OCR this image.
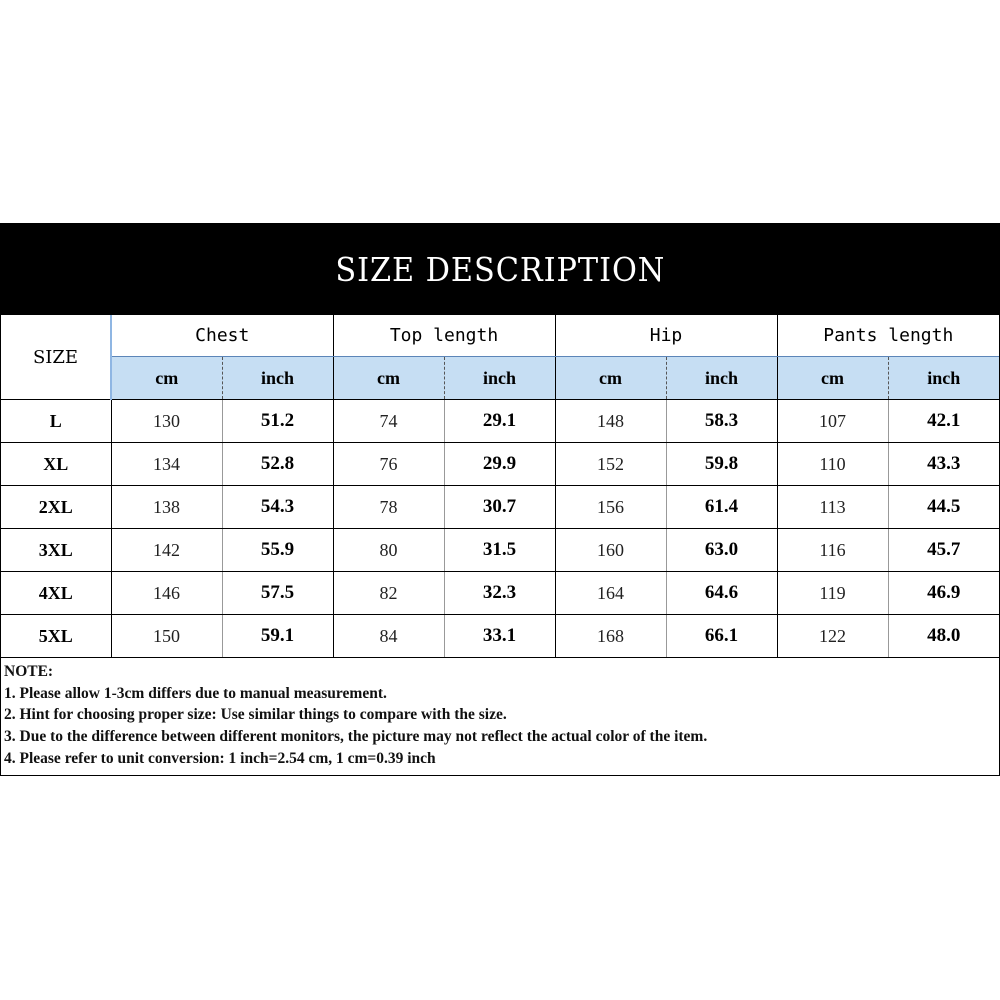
SIZE DESCRIPTION
SIZE	Chest		Top length		Hip		Pants length	
	cm	inch	cm	inch	cm	inch	cm	inch
L	130	51.2	74	29.1	148	58.3	107	42.1
XL	134	52.8	76	29.9	152	59.8	110	43.3
2XL	138	54.3	78	30.7	156	61.4	113	44.5
3XL	142	55.9	80	31.5	160	63.0	116	45.7
4XL	146	57.5	82	32.3	164	64.6	119	46.9
5XL	150	59.1	84	33.1	168	66.1	122	48.0
NOTE:
1. Please allow 1-3cm differs due to manual measurement.
2. Hint for choosing proper size: Use similar things to compare with the size.
3. Due to the difference between different monitors, the picture may not reflect the actual color of the item.
4. Please refer to unit conversion: 1 inch=2.54 cm, 1 cm=0.39 inch
